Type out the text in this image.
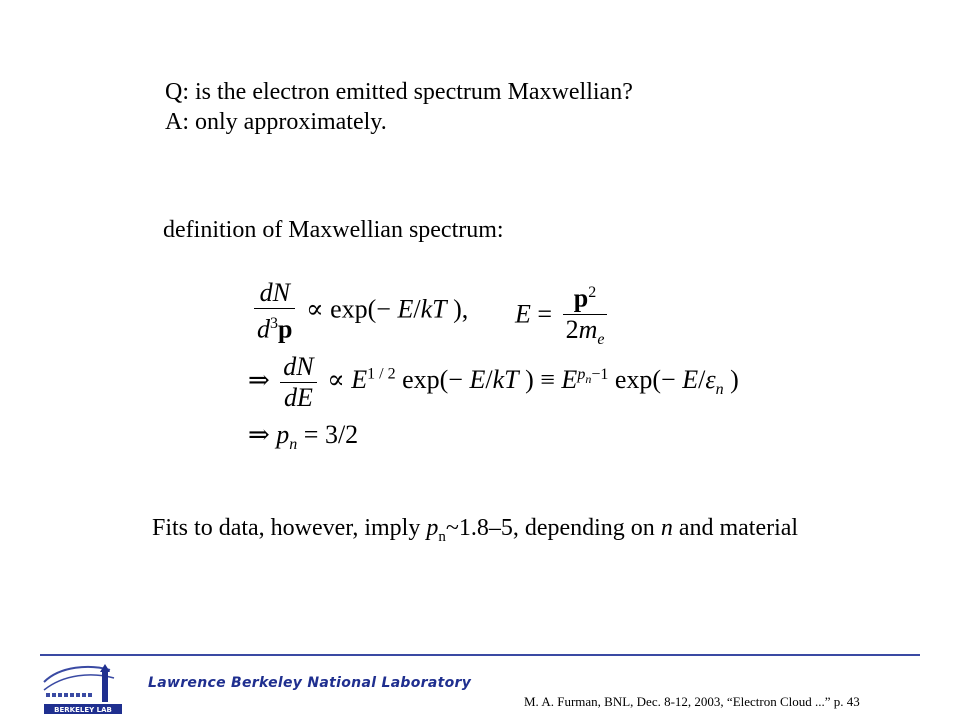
Q: is the electron emitted spectrum Maxwellian?
A: only approximately.
definition of Maxwellian spectrum:
$\frac{dN}{d^3p} \propto \exp(- E/kT$ ), $E = \frac{p^2}{2m_e}$
⇒ $\frac{dN}{dE} \propto E^{1 / 2}$ exp(− E/kT ) ≡ $E^{p_n-1}$ $\exp(- E/\varepsilon_n$ )
⇒ $p_n = 3/2$
Fits to data, however, imply $p_n\sim 1.8-5$, depending on n and material
BERKELEY LAB
Lawrence Berkeley National Laboratory
M. A. Furman, BNL, Dec. 8-12, 2003, “Electron Cloud ...” p. 43
